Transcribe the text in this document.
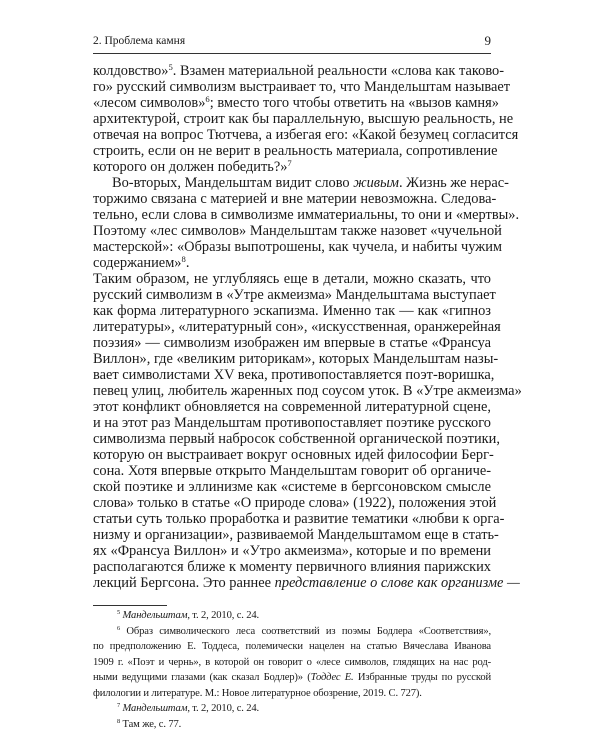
2. Проблема камня	9
колдовство»$^5$. Взамен материальной реальности «слова как таково-
го» русский символизм выстраивает то, что Мандельштам называет
«лесом символов»$^6$; вместо того чтобы ответить на «вызов камня»
архитектурой, строит как бы параллельную, высшую реальность, не
отвечая на вопрос Тютчева, а избегая его: «Какой безумец согласится
строить, если он не верит в реальность материала, сопротивление
которого он должен победить?»$^7$
Во-вторых, Мандельштам видит слово живым. Жизнь же нерас-
торжимо связана с материей и вне материи невозможна. Следова-
тельно, если слова в символизме имматериальны, то они и «мертвы».
Поэтому «лес символов» Мандельштам также назовет «чучельной
мастерской»: «Образы выпотрошены, как чучела, и набиты чужим
содержанием»$^8$.
Таким образом, не углубляясь еще в детали, можно сказать, что
русский символизм в «Утре акмеизма» Мандельштама выступает
как форма литературного эскапизма. Именно так — как «гипноз
литературы», «литературный сон», «искусственная, оранжерейная
поэзия» — символизм изображен им впервые в статье «Франсуа
Виллон», где «великим риторикам», которых Мандельштам назы-
вает символистами XV века, противопоставляется поэт-воришка,
певец улиц, любитель жаренных под соусом уток. В «Утре акмеизма»
этот конфликт обновляется на современной литературной сцене,
и на этот раз Мандельштам противопоставляет поэтике русского
символизма первый набросок собственной органической поэтики,
которую он выстраивает вокруг основных идей философии Берг-
сона. Хотя впервые открыто Мандельштам говорит об органиче-
ской поэтике и эллинизме как «системе в бергсоновском смысле
слова» только в статье «О природе слова» (1922), положения этой
статьи суть только проработка и развитие тематики «любви к орга-
низму и организации», развиваемой Мандельштамом еще в стать-
ях «Франсуа Виллон» и «Утро акмеизма», которые и по времени
располагаются ближе к моменту первичного влияния парижских
лекций Бергсона. Это раннее представление о слове как организме —
$^5$ Мандельштам, т. 2, 2010, с. 24.
$^6$ Образ символического леса соответствий из поэмы Бодлера «Соответствия»,
по предположению Е. Тоддеса, полемически нацелен на статью Вячеслава Иванова
1909 г. «Поэт и чернь», в которой он говорит о «лесе символов, глядящих на нас род-
ными ведущими глазами (как сказал Бодлер)» (Тоддес Е. Избранные труды по русской
филологии и литературе. М.: Новое литературное обозрение, 2019. С. 727).
$^7$ Мандельштам, т. 2, 2010, с. 24.
$^8$ Там же, с. 77.
